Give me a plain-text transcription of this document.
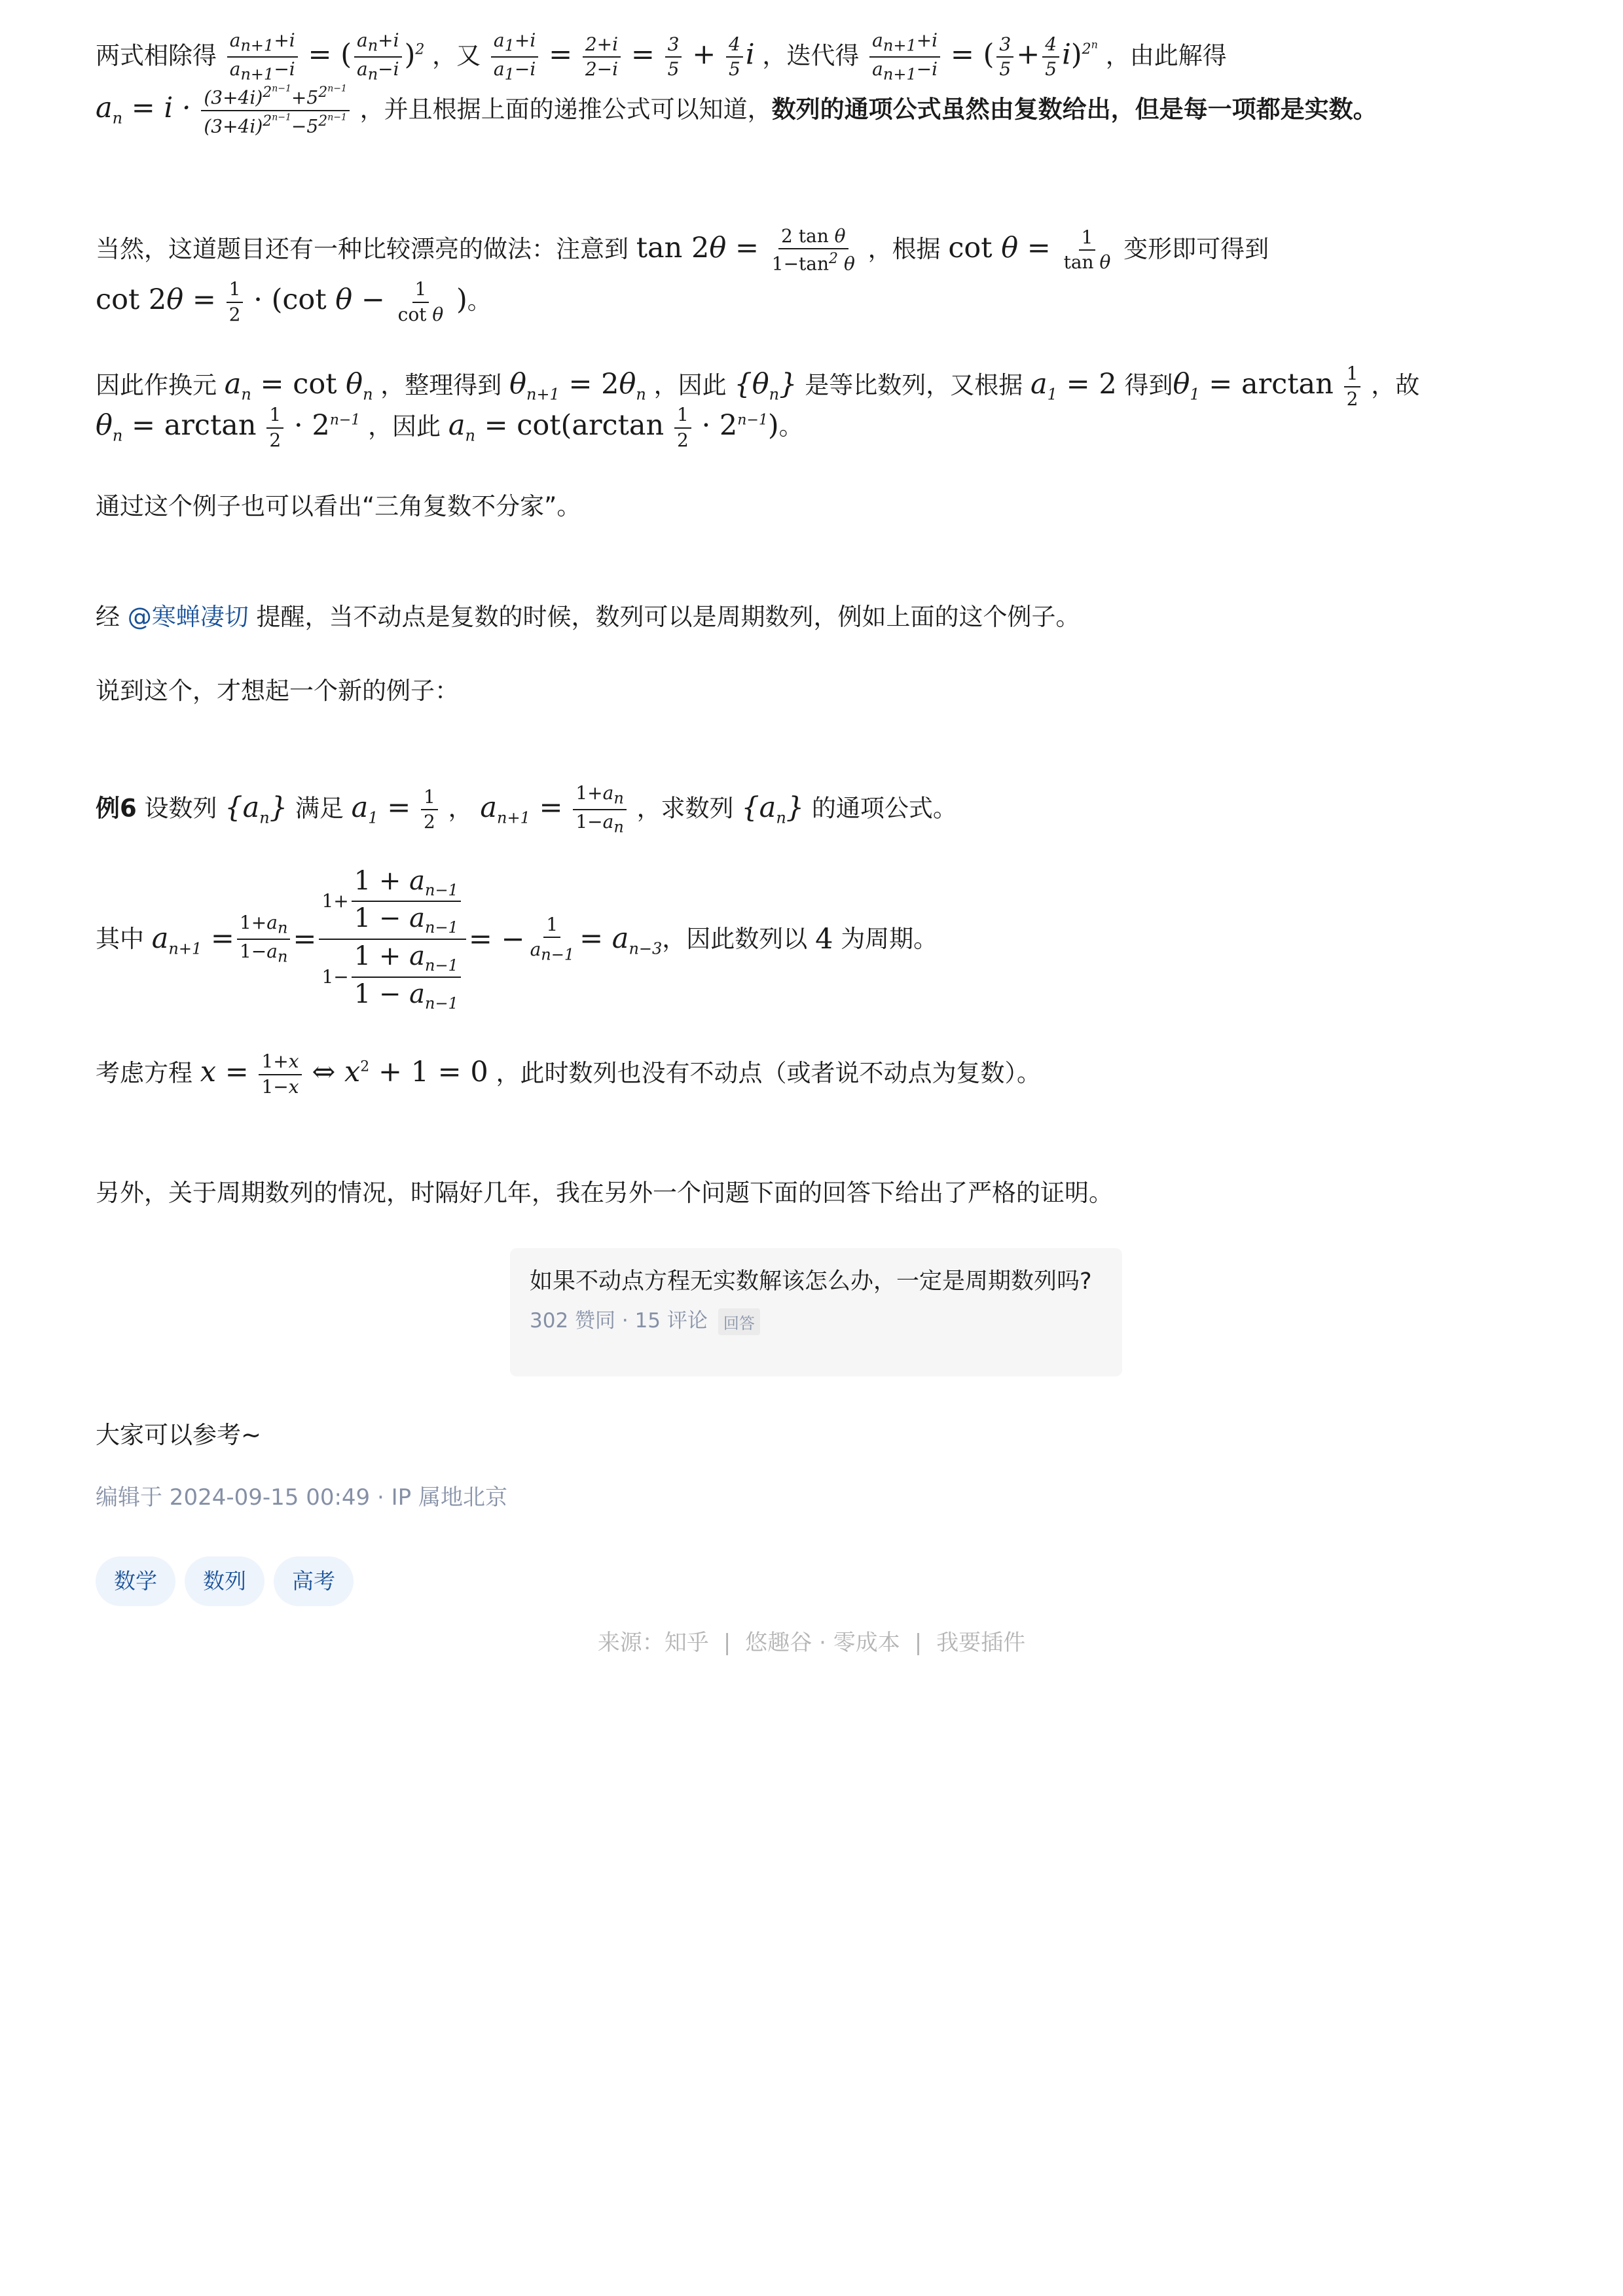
两式相除得 $\frac{a_{n+1}+i}{a_{n+1}-i}$ = ( $\frac{a_n+i}{a_n-i} )^2$ ，又 $\frac{a_1+i}{a_1-i} = \frac{2+i}{2-i} = \frac{3}{5} + \frac{4}{5}$ i ，迭代得 $\frac{a_{n+1}+i}{a_{n+1}-i}$ = ( $\frac{3}{5} + \frac{4}{5} i)^{2^n}$ ，由此解得
$a_n = i \cdot \frac{(3+4i)^{2^{n-1}}+5^{2^{n-1}}}{(3+4i)^{2^{n-1}}-5^{2^{n-1}}}$ ，并且根据上面的递推公式可以知道，数列的通项公式虽然由复数给出，但是每一项都是实数。
当然，这道题目还有一种比较漂亮的做法：注意到 $\tan 2\theta = \frac{\text{2 tan θ}}{1-\tan^2 \theta}$ ，根据 $\cot \theta = \frac{1}{\text{tan θ}}$ 变形即可得到
$\cot 2\theta = \frac{1}{2} \cdot (\cot$ $\theta - \frac{1}{\text{cot θ}}$ )。
因此作换元 $a_n = \cot \theta_n$ ，整理得到 $\theta_{n+1} = 2\theta_n$ ，因此 $\{\theta_n\}$ 是等比数列，又根据 $a_1 = 2$ 得到$\theta_1 = \arctan \frac{1}{2}$ ，故
$\theta_n = \arctan \frac{1}{2} \cdot 2^{n-1}$ ，因此 $a_n = \cot(\arctan \frac{1}{2} \cdot 2^{n-1})$。
通过这个例子也可以看出“三角复数不分家”。
经 @寒蝉凄切 提醒，当不动点是复数的时候，数列可以是周期数列，例如上面的这个例子。
说到这个，才想起一个新的例子：
例6 设数列 $\{a_n\}$ 满足 $a_1 = \frac{1}{2}$ ， $a_{n+1} = \frac{1+a_n}{1-a_n}$ ，求数列 $\{a_n\}$ 的通项公式。
其中
$a_{n+1} = \frac{1+a_n}{1-a_n} = \frac{1+ \frac{1 + a_{n-1}}{1 - a_{n-1}}}{1- \frac{1 + a_{n-1}}{1 - a_{n-1}}}$ = − $\frac{1}{a_{n-1}} = a_{n-3}$ ，因此数列以
4
为周期。
考虑方程 $x = \frac{1+x}{1-x}$ ⇔ $x^2 + 1 = 0$ ，此时数列也没有不动点（或者说不动点为复数）。
另外，关于周期数列的情况，时隔好几年，我在另外一个问题下面的回答下给出了严格的证明。
如果不动点方程无实数解该怎么办，一定是周期数列吗?
302 赞同 · 15 评论 回答
大家可以参考~
编辑于 2024-09-15 00:49 · IP 属地北京
数学	数列	高考
来源：知乎 | 悠趣谷 · 零成本 | 我要插件
